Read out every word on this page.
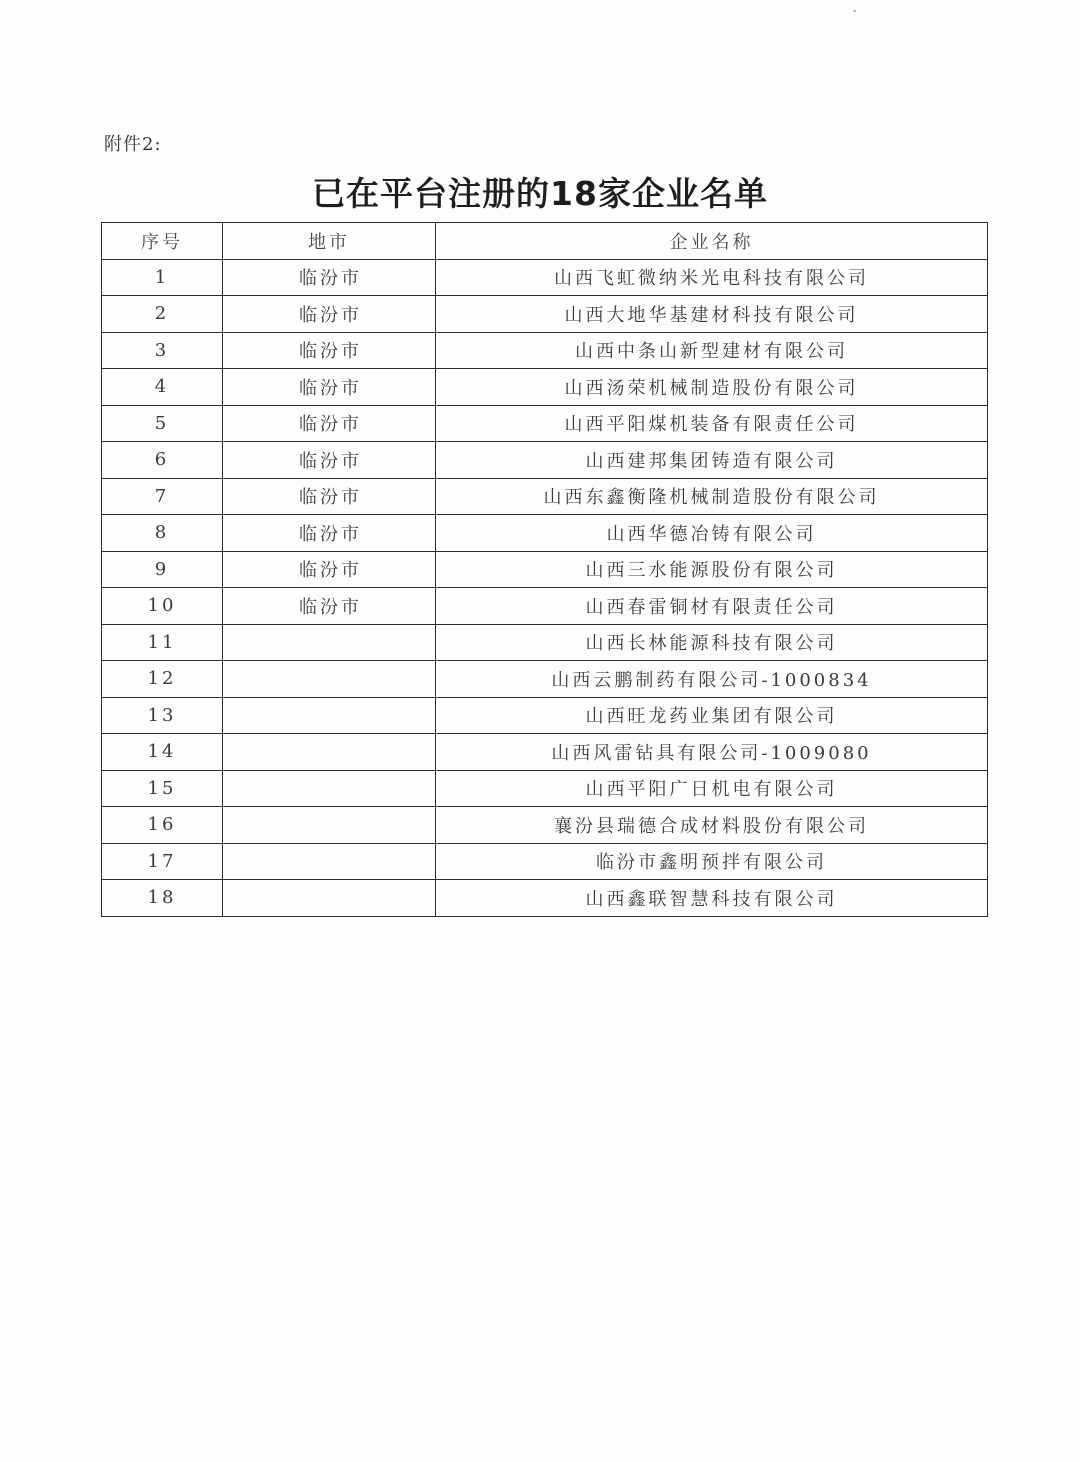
附件2:
已在平台注册的18家企业名单
序号	地市	企业名称
1	临汾市	山西飞虹微纳米光电科技有限公司
2	临汾市	山西大地华基建材科技有限公司
3	临汾市	山西中条山新型建材有限公司
4	临汾市	山西汤荣机械制造股份有限公司
5	临汾市	山西平阳煤机装备有限责任公司
6	临汾市	山西建邦集团铸造有限公司
7	临汾市	山西东鑫衡隆机械制造股份有限公司
8	临汾市	山西华德冶铸有限公司
9	临汾市	山西三水能源股份有限公司
10	临汾市	山西春雷铜材有限责任公司
11		山西长林能源科技有限公司
12		山西云鹏制药有限公司-1000834
13		山西旺龙药业集团有限公司
14		山西风雷钻具有限公司-1009080
15		山西平阳广日机电有限公司
16		襄汾县瑞德合成材料股份有限公司
17		临汾市鑫明预拌有限公司
18		山西鑫联智慧科技有限公司
